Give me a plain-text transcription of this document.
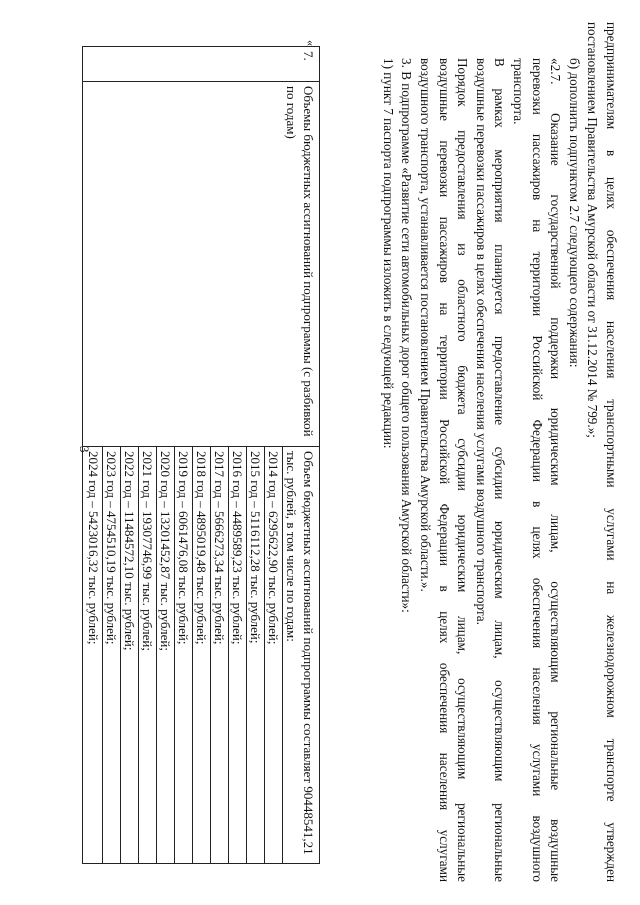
3	предпринимателям в целях обеспечения населения транспортными услугами на железнодорожном транспорте утвержден
постановлением Правительства Амурской области от 31.12.2014 № 799.»;

б) дополнить подпунктом 2.7 следующего содержания:

«2.7. Оказание государственной поддержки юридическим лицам, осуществляющим региональные воздушные
перевозки пассажиров на территории Российской Федерации в целях обеспечения населения услугами воздушного
транспорта.

В рамках мероприятия планируется предоставление субсидии юридическим лицам, осуществляющим региональные
воздушные перевозки пассажиров в целях обеспечения населения услугами воздушного транспорта.

Порядок предоставления из областного бюджета субсидии юридическим лицам, осуществляющим региональные
воздушные перевозки пассажиров на территории Российской Федерации в целях обеспечения населения услугами
воздушного транспорта, устанавливается постановлением Правительства Амурской области.».

3. В подпрограмме «Развитие сети автомобильных дорог общего пользования Амурской области»:

1) пункт 7 паспорта подпрограммы изложить в следующей редакции:

«
7.	Объемы бюджетных ассигнований подпрограммы (с разбивкой по годам)	Объем бюджетных ассигнований подпрограммы составляет 90448541,21 тыс. рублей, в том числе по годам:
2014 год – 6295622,90 тыс. рублей;
2015 год – 5116112,28 тыс. рублей;
2016 год – 4489589,23 тыс. рублей;
2017 год – 5666273,34 тыс. рублей;
2018 год – 4895019,48 тыс. рублей;
2019 год – 6061476,08 тыс. рублей;
2020 год – 13201452,87 тыс. рублей;
2021 год – 19307746,99 тыс. рублей;
2022 год – 11484572,10 тыс. рублей;
2023 год – 4754510,19 тыс. рублей;
2024 год – 5423016,32 тыс. рублей;
